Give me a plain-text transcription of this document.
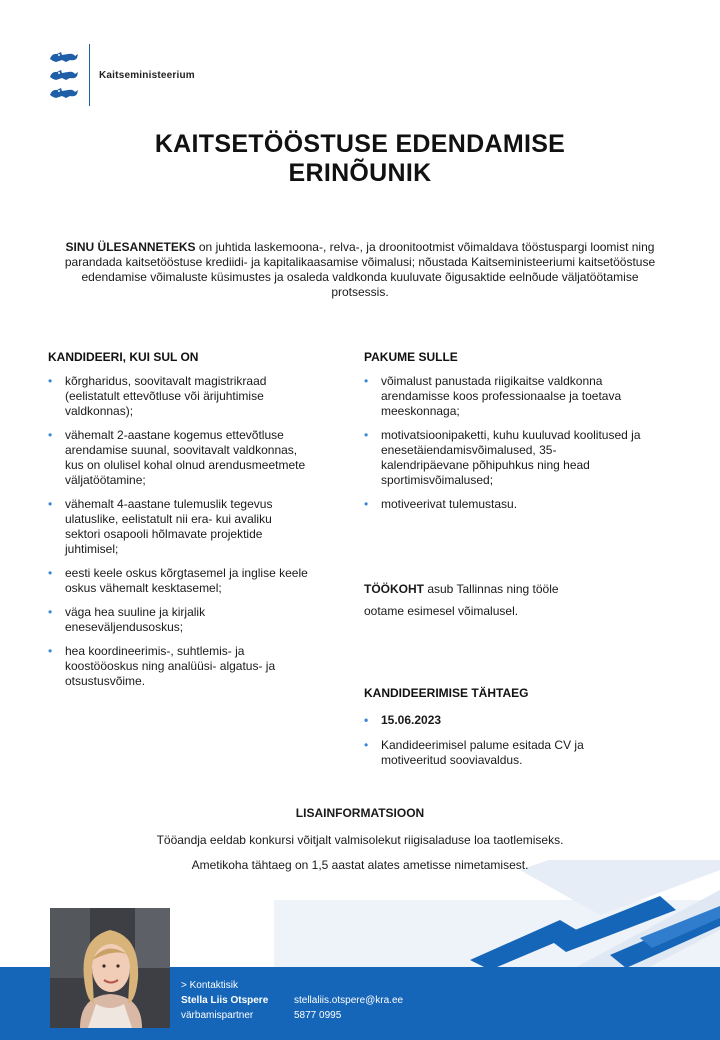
Kaitseministeerium
KAITSETÖÖSTUSE EDENDAMISE
ERINÕUNIK
SINU ÜLESANNETEKS on juhtida laskemoona-, relva-, ja droonitootmist võimaldava tööstuspargi loomist ning parandada kaitsetööstuse krediidi- ja kapitalikaasamise võimalusi; nõustada Kaitseministeeriumi kaitsetööstuse edendamise võimaluste küsimustes ja osaleda valdkonda kuuluvate õigusaktide eelnõude väljatöötamise protsessis.
KANDIDEERI, KUI SUL ON
• kõrgharidus, soovitavalt magistrikraad (eelistatult ettevõtluse või ärijuhtimise valdkonnas);
• vähemalt 2-aastane kogemus ettevõtluse arendamise suunal, soovitavalt valdkonnas, kus on olulisel kohal olnud arendusmeetmete väljatöötamine;
• vähemalt 4-aastane tulemuslik tegevus ulatuslike, eelistatult nii era- kui avaliku sektori osapooli hõlmavate projektide juhtimisel;
• eesti keele oskus kõrgtasemel ja inglise keele oskus vähemalt kesktasemel;
• väga hea suuline ja kirjalik eneseväljendusoskus;
• hea koordineerimis-, suhtlemis- ja koostööoskus ning analüüsi- algatus- ja otsustusvõime.
PAKUME SULLE
• võimalust panustada riigikaitse valdkonna arendamisse koos professionaalse ja toetava meeskonnaga;
• motivatsioonipaketti, kuhu kuuluvad koolitused ja enesetäiendamisvõimalused, 35-kalendripäevane põhipuhkus ning head sportimisvõimalused;
• motiveerivat tulemustasu.
TÖÖKOHT asub Tallinnas ning tööle
ootame esimesel võimalusel.
KANDIDEERIMISE TÄHTAEG
• 15.06.2023
• Kandideerimisel palume esitada CV ja motiveeritud sooviavaldus.
LISAINFORMATSIOON

Tööandja eeldab konkursi võitjalt valmisolekut riigisaladuse loa taotlemiseks.

Ametikoha tähtaeg on 1,5 aastat alates ametisse nimetamisest.

> Kontaktisik
Stella Liis Otspere
värbamispartner
stellaliis.otspere@kra.ee
5877 0995
